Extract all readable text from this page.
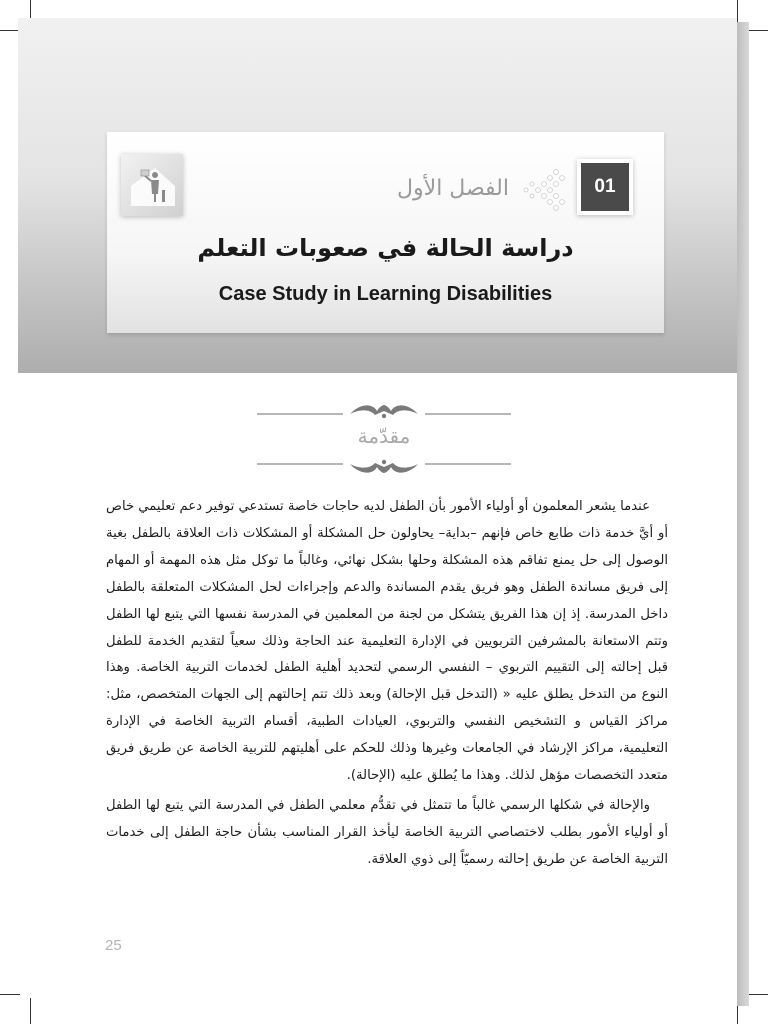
01
الفصل الأول
دراسة الحالة في صعوبات التعلم
Case Study in Learning Disabilities
مقدّمة

عندما يشعر المعلمون أو أولياء الأمور بأن الطفل لديه حاجات خاصة تستدعي توفير دعم تعليمي خاص أو أيَّ خدمة ذات طابع خاص فإنهم –بداية– يحاولون حل المشكلة أو المشكلات ذات العلاقة بالطفل بغية الوصول إلى حل يمنع تفاقم هذه المشكلة وحلها بشكل نهائي، وغالباً ما توكل مثل هذه المهمة أو المهام إلى فريق مساندة الطفل وهو فريق يقدم المساندة والدعم وإجراءات لحل المشكلات المتعلقة بالطفل داخل المدرسة. إذ إن هذا الفريق يتشكل من لجنة من المعلمين في المدرسة نفسها التي يتبع لها الطفل وتتم الاستعانة بالمشرفين التربويين في الإدارة التعليمية عند الحاجة وذلك سعياً لتقديم الخدمة للطفل قبل إحالته إلى التقييم التربوي – النفسي الرسمي لتحديد أهلية الطفل لخدمات التربية الخاصة. وهذا النوع من التدخل يطلق عليه « (التدخل قبل الإحالة) وبعد ذلك تتم إحالتهم إلى الجهات المتخصص، مثل: مراكز القياس و التشخيص النفسي والتربوي، العيادات الطبية، أقسام التربية الخاصة في الإدارة التعليمية، مراكز الإرشاد في الجامعات وغيرها وذلك للحكم على أهليتهم للتربية الخاصة عن طريق فريق متعدد التخصصات مؤهل لذلك. وهذا ما يُطلق عليه (الإحالة).

والإحالة في شكلها الرسمي غالباً ما تتمثل في تقدُّم معلمي الطفل في المدرسة التي يتبع لها الطفل أو أولياء الأمور بطلب لاختصاصي التربية الخاصة ليأخذ القرار المناسب بشأن حاجة الطفل إلى خدمات التربية الخاصة عن طريق إحالته رسميّاً إلى ذوي العلاقة.

25
